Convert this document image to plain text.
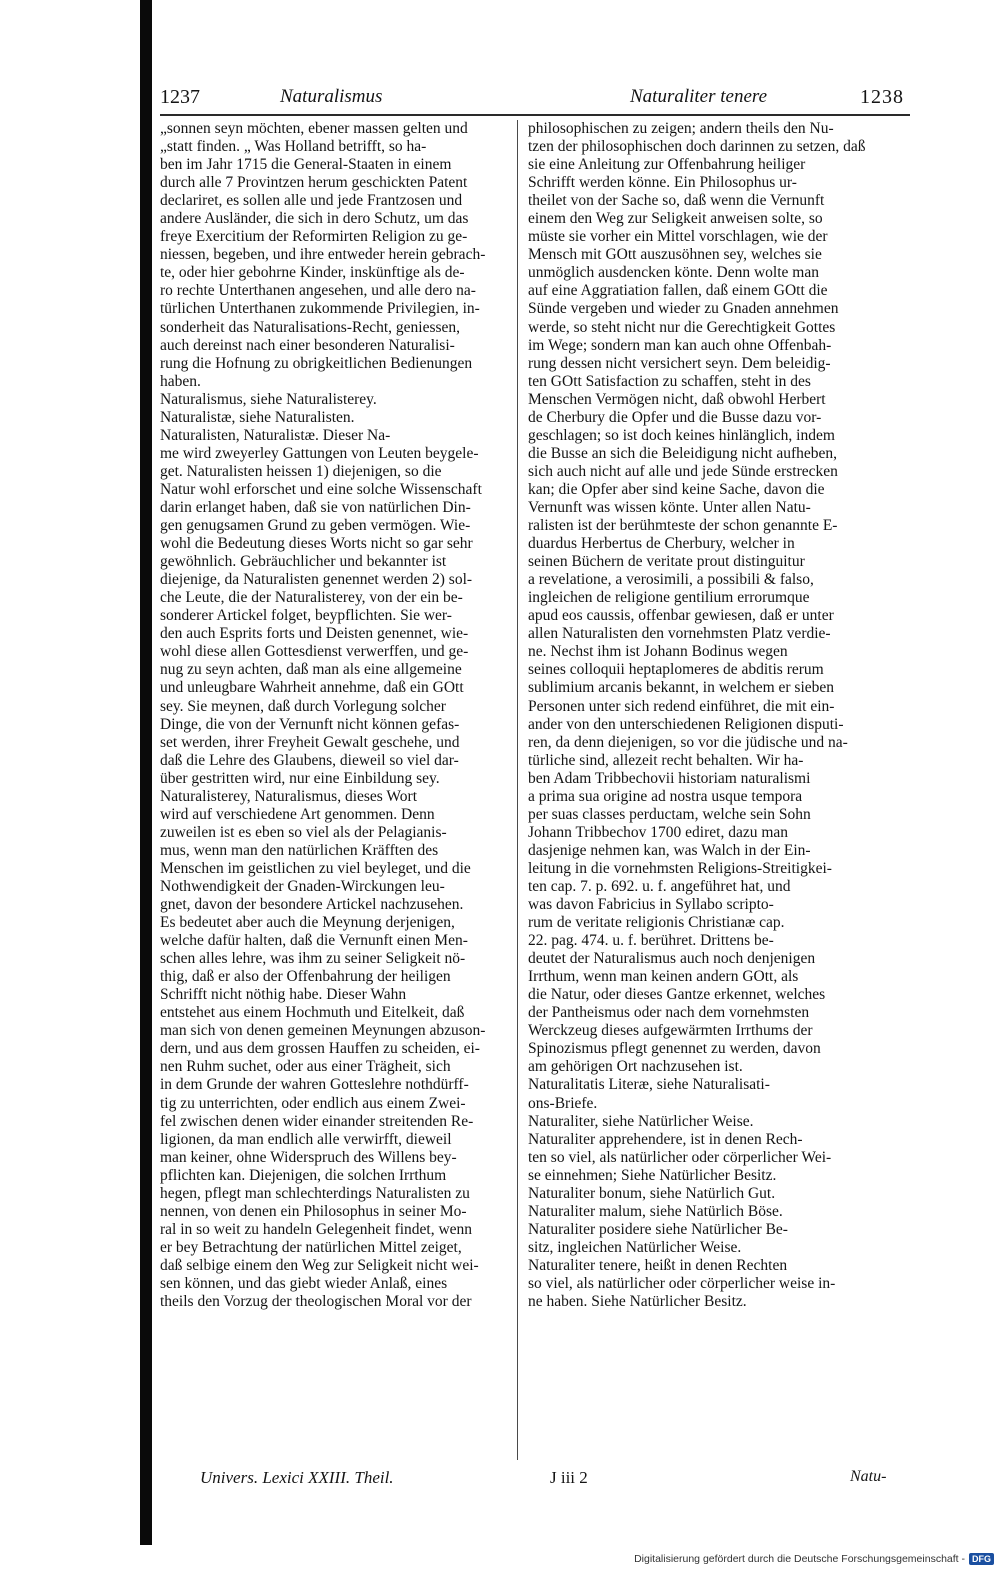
1237	Naturalismus	Naturaliter tenere	1238
„sonnen seyn möchten, ebener massen gelten und
„statt finden. „ Was Holland betrifft, so ha-
ben im Jahr 1715 die General-Staaten in einem
durch alle 7 Provintzen herum geschickten Patent
declariret, es sollen alle und jede Frantzosen und
andere Ausländer, die sich in dero Schutz, um das
freye Exercitium der Reformirten Religion zu ge-
niessen, begeben, und ihre entweder herein gebrach-
te, oder hier gebohrne Kinder, inskünftige als de-
ro rechte Unterthanen angesehen, und alle dero na-
türlichen Unterthanen zukommende Privilegien, in-
sonderheit das Naturalisations-Recht, geniessen,
auch dereinst nach einer besonderen Naturalisi-
rung die Hofnung zu obrigkeitlichen Bedienungen
haben.
Naturalismus, siehe Naturalisterey.
Naturalistæ, siehe Naturalisten.
Naturalisten, Naturalistæ. Dieser Na-
me wird zweyerley Gattungen von Leuten beygele-
get. Naturalisten heissen 1) diejenigen, so die
Natur wohl erforschet und eine solche Wissenschaft
darin erlanget haben, daß sie von natürlichen Din-
gen genugsamen Grund zu geben vermögen. Wie-
wohl die Bedeutung dieses Worts nicht so gar sehr
gewöhnlich. Gebräuchlicher und bekannter ist
diejenige, da Naturalisten genennet werden 2) sol-
che Leute, die der Naturalisterey, von der ein be-
sonderer Artickel folget, beypflichten. Sie wer-
den auch Esprits forts und Deisten genennet, wie-
wohl diese allen Gottesdienst verwerffen, und ge-
nug zu seyn achten, daß man als eine allgemeine
und unleugbare Wahrheit annehme, daß ein GOtt
sey. Sie meynen, daß durch Vorlegung solcher
Dinge, die von der Vernunft nicht können gefas-
set werden, ihrer Freyheit Gewalt geschehe, und
daß die Lehre des Glaubens, dieweil so viel dar-
über gestritten wird, nur eine Einbildung sey.
Naturalisterey, Naturalismus, dieses Wort
wird auf verschiedene Art genommen. Denn
zuweilen ist es eben so viel als der Pelagianis-
mus, wenn man den natürlichen Kräfften des
Menschen im geistlichen zu viel beyleget, und die
Nothwendigkeit der Gnaden-Wirckungen leu-
gnet, davon der besondere Artickel nachzusehen.
Es bedeutet aber auch die Meynung derjenigen,
welche dafür halten, daß die Vernunft einen Men-
schen alles lehre, was ihm zu seiner Seligkeit nö-
thig, daß er also der Offenbahrung der heiligen
Schrifft nicht nöthig habe. Dieser Wahn
entstehet aus einem Hochmuth und Eitelkeit, daß
man sich von denen gemeinen Meynungen abzuson-
dern, und aus dem grossen Hauffen zu scheiden, ei-
nen Ruhm suchet, oder aus einer Trägheit, sich
in dem Grunde der wahren Gotteslehre nothdürff-
tig zu unterrichten, oder endlich aus einem Zwei-
fel zwischen denen wider einander streitenden Re-
ligionen, da man endlich alle verwirfft, dieweil
man keiner, ohne Widerspruch des Willens bey-
pflichten kan. Diejenigen, die solchen Irrthum
hegen, pflegt man schlechterdings Naturalisten zu
nennen, von denen ein Philosophus in seiner Mo-
ral in so weit zu handeln Gelegenheit findet, wenn
er bey Betrachtung der natürlichen Mittel zeiget,
daß selbige einem den Weg zur Seligkeit nicht wei-
sen können, und das giebt wieder Anlaß, eines
theils den Vorzug der theologischen Moral vor der
philosophischen zu zeigen; andern theils den Nu-
tzen der philosophischen doch darinnen zu setzen, daß
sie eine Anleitung zur Offenbahrung heiliger
Schrifft werden könne. Ein Philosophus ur-
theilet von der Sache so, daß wenn die Vernunft
einem den Weg zur Seligkeit anweisen solte, so
müste sie vorher ein Mittel vorschlagen, wie der
Mensch mit GOtt auszusöhnen sey, welches sie
unmöglich ausdencken könte. Denn wolte man
auf eine Aggratiation fallen, daß einem GOtt die
Sünde vergeben und wieder zu Gnaden annehmen
werde, so steht nicht nur die Gerechtigkeit Gottes
im Wege; sondern man kan auch ohne Offenbah-
rung dessen nicht versichert seyn. Dem beleidig-
ten GOtt Satisfaction zu schaffen, steht in des
Menschen Vermögen nicht, daß obwohl Herbert
de Cherbury die Opfer und die Busse dazu vor-
geschlagen; so ist doch keines hinlänglich, indem
die Busse an sich die Beleidigung nicht aufheben,
sich auch nicht auf alle und jede Sünde erstrecken
kan; die Opfer aber sind keine Sache, davon die
Vernunft was wissen könte. Unter allen Natu-
ralisten ist der berühmteste der schon genannte E-
duardus Herbertus de Cherbury, welcher in
seinen Büchern de veritate prout distinguitur
a revelatione, a verosimili, a possibili & falso,
ingleichen de religione gentilium errorumque
apud eos caussis, offenbar gewiesen, daß er unter
allen Naturalisten den vornehmsten Platz verdie-
ne. Nechst ihm ist Johann Bodinus wegen
seines colloquii heptaplomeres de abditis rerum
sublimium arcanis bekannt, in welchem er sieben
Personen unter sich redend einführet, die mit ein-
ander von den unterschiedenen Religionen disputi-
ren, da denn diejenigen, so vor die jüdische und na-
türliche sind, allezeit recht behalten. Wir ha-
ben Adam Tribbechovii historiam naturalismi
a prima sua origine ad nostra usque tempora
per suas classes perductam, welche sein Sohn
Johann Tribbechov 1700 ediret, dazu man
dasjenige nehmen kan, was Walch in der Ein-
leitung in die vornehmsten Religions-Streitigkei-
ten cap. 7. p. 692. u. f. angeführet hat, und
was davon Fabricius in Syllabo scripto-
rum de veritate religionis Christianæ cap.
22. pag. 474. u. f. berühret. Drittens be-
deutet der Naturalismus auch noch denjenigen
Irrthum, wenn man keinen andern GOtt, als
die Natur, oder dieses Gantze erkennet, welches
der Pantheismus oder nach dem vornehmsten
Werckzeug dieses aufgewärmten Irrthums der
Spinozismus pflegt genennet zu werden, davon
am gehörigen Ort nachzusehen ist.
Naturalitatis Literæ, siehe Naturalisati-
ons-Briefe.
Naturaliter, siehe Natürlicher Weise.
Naturaliter apprehendere, ist in denen Rech-
ten so viel, als natürlicher oder cörperlicher Wei-
se einnehmen; Siehe Natürlicher Besitz.
Naturaliter bonum, siehe Natürlich Gut.
Naturaliter malum, siehe Natürlich Böse.
Naturaliter posidere siehe Natürlicher Be-
sitz, ingleichen Natürlicher Weise.
Naturaliter tenere, heißt in denen Rechten
so viel, als natürlicher oder cörperlicher weise in-
ne haben. Siehe Natürlicher Besitz.
Univers. Lexici XXIII. Theil.	J iii 2	Natu-
Digitalisierung gefördert durch die Deutsche Forschungsgemeinschaft - DFG
